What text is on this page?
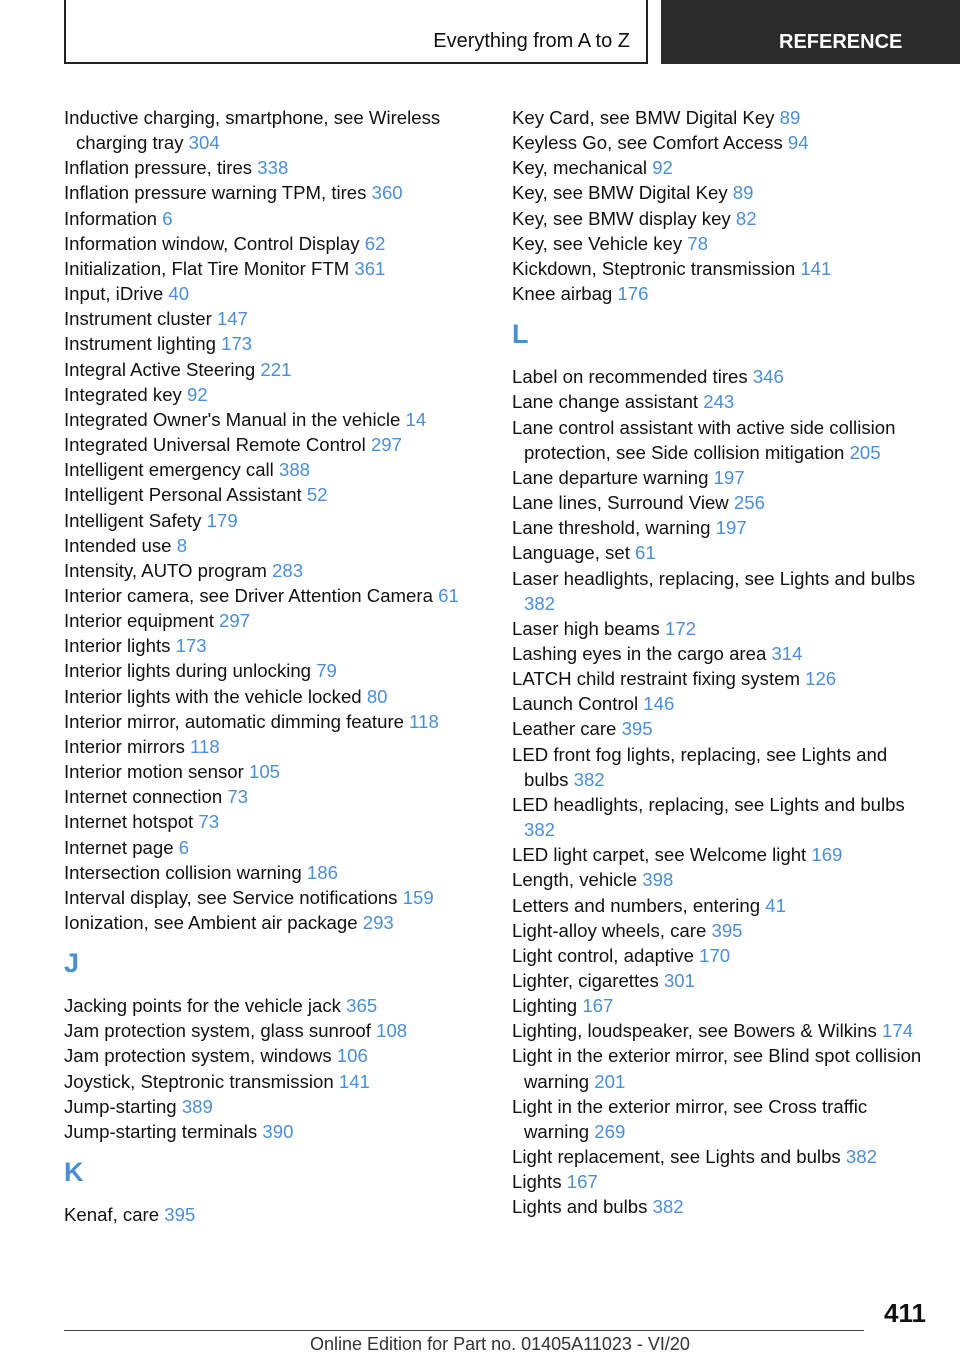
Everything from A to Z	REFERENCE
Inductive charging, smartphone, see Wireless charging tray 304
Inflation pressure, tires 338
Inflation pressure warning TPM, tires 360
Information 6
Information window, Control Display 62
Initialization, Flat Tire Monitor FTM 361
Input, iDrive 40
Instrument cluster 147
Instrument lighting 173
Integral Active Steering 221
Integrated key 92
Integrated Owner's Manual in the vehicle 14
Integrated Universal Remote Control 297
Intelligent emergency call 388
Intelligent Personal Assistant 52
Intelligent Safety 179
Intended use 8
Intensity, AUTO program 283
Interior camera, see Driver Attention Camera 61
Interior equipment 297
Interior lights 173
Interior lights during unlocking 79
Interior lights with the vehicle locked 80
Interior mirror, automatic dimming feature 118
Interior mirrors 118
Interior motion sensor 105
Internet connection 73
Internet hotspot 73
Internet page 6
Intersection collision warning 186
Interval display, see Service notifications 159
Ionization, see Ambient air package 293
J
Jacking points for the vehicle jack 365
Jam protection system, glass sunroof 108
Jam protection system, windows 106
Joystick, Steptronic transmission 141
Jump-starting 389
Jump-starting terminals 390
K
Kenaf, care 395
Key Card, see BMW Digital Key 89
Keyless Go, see Comfort Access 94
Key, mechanical 92
Key, see BMW Digital Key 89
Key, see BMW display key 82
Key, see Vehicle key 78
Kickdown, Steptronic transmission 141
Knee airbag 176
L
Label on recommended tires 346
Lane change assistant 243
Lane control assistant with active side collision protection, see Side collision mitigation 205
Lane departure warning 197
Lane lines, Surround View 256
Lane threshold, warning 197
Language, set 61
Laser headlights, replacing, see Lights and bulbs 382
Laser high beams 172
Lashing eyes in the cargo area 314
LATCH child restraint fixing system 126
Launch Control 146
Leather care 395
LED front fog lights, replacing, see Lights and bulbs 382
LED headlights, replacing, see Lights and bulbs 382
LED light carpet, see Welcome light 169
Length, vehicle 398
Letters and numbers, entering 41
Light-alloy wheels, care 395
Light control, adaptive 170
Lighter, cigarettes 301
Lighting 167
Lighting, loudspeaker, see Bowers & Wilkins 174
Light in the exterior mirror, see Blind spot collision warning 201
Light in the exterior mirror, see Cross traffic warning 269
Light replacement, see Lights and bulbs 382
Lights 167
Lights and bulbs 382
411
Online Edition for Part no. 01405A11023 - VI/20
